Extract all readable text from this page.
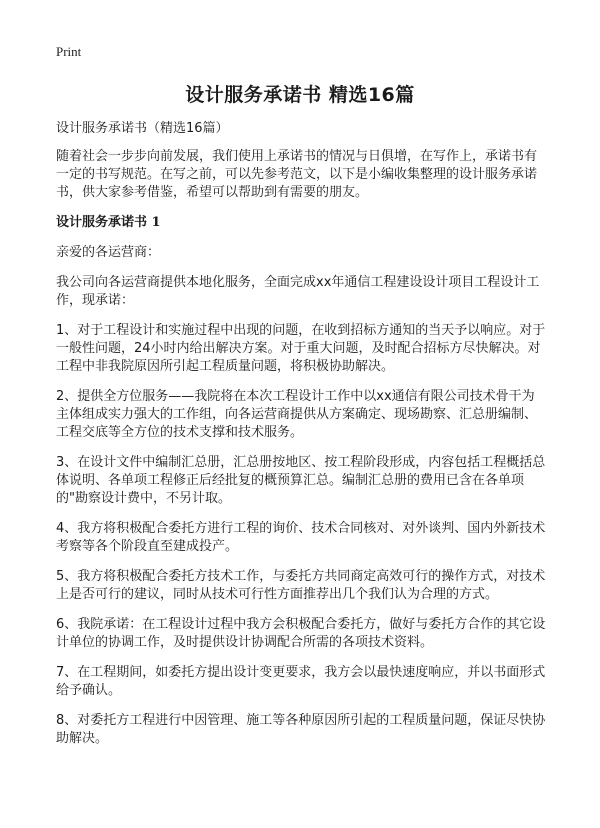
Print
设计服务承诺书 精选16篇

设计服务承诺书（精选16篇）

随着社会一步步向前发展，我们使用上承诺书的情况与日俱增，在写作上，承诺书有一定的书写规范。在写之前，可以先参考范文，以下是小编收集整理的设计服务承诺书，供大家参考借鉴，希望可以帮助到有需要的朋友。

设计服务承诺书 1

亲爱的各运营商：

我公司向各运营商提供本地化服务，全面完成xx年通信工程建设设计项目工程设计工作，现承诺：

1、对于工程设计和实施过程中出现的问题，在收到招标方通知的当天予以响应。对于一般性问题，24小时内给出解决方案。对于重大问题，及时配合招标方尽快解决。对工程中非我院原因所引起工程质量问题，将积极协助解决。

2、提供全方位服务——我院将在本次工程设计工作中以xx通信有限公司技术骨干为主体组成实力强大的工作组，向各运营商提供从方案确定、现场勘察、汇总册编制、工程交底等全方位的技术支撑和技术服务。

3、在设计文件中编制汇总册，汇总册按地区、按工程阶段形成，内容包括工程概括总体说明、各单项工程修正后经批复的概预算汇总。编制汇总册的费用已含在各单项的"勘察设计费中，不另计取。

4、我方将积极配合委托方进行工程的询价、技术合同核对、对外谈判、国内外新技术考察等各个阶段直至建成投产。

5、我方将积极配合委托方技术工作，与委托方共同商定高效可行的操作方式，对技术上是否可行的建议，同时从技术可行性方面推荐出几个我们认为合理的方式。

6、我院承诺：在工程设计过程中我方会积极配合委托方，做好与委托方合作的其它设计单位的协调工作，及时提供设计协调配合所需的各项技术资料。

7、在工程期间，如委托方提出设计变更要求，我方会以最快速度响应，并以书面形式给予确认。

8、对委托方工程进行中因管理、施工等各种原因所引起的工程质量问题，保证尽快协助解决。
